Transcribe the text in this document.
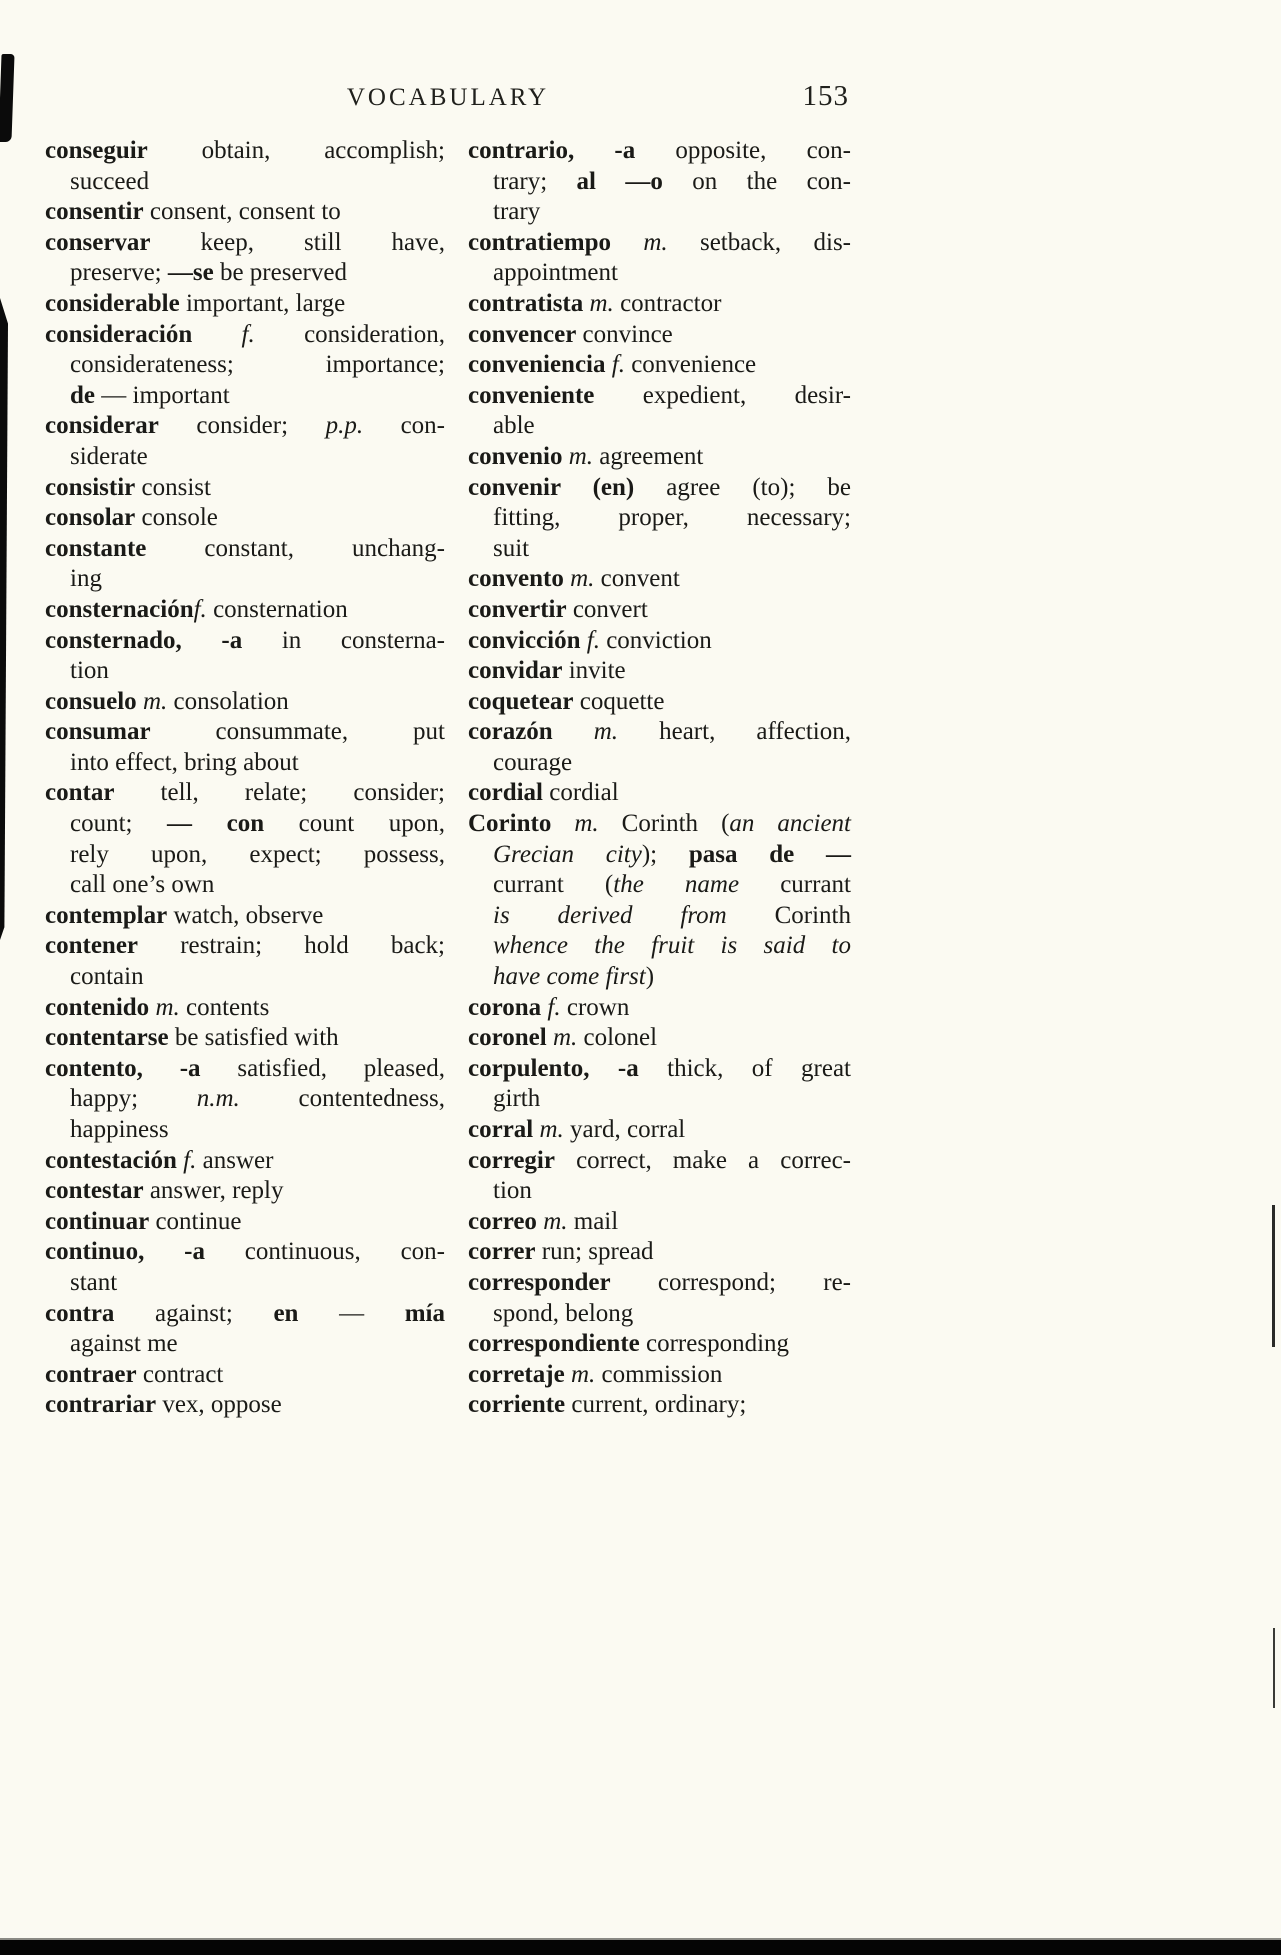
VOCABULARY	153
conseguir obtain, accomplish;
succeed
consentir consent, consent to
conservar keep, still have,
preserve; —se be preserved
considerable important, large
consideración f. consideration,
considerateness; importance;
de — important
considerar consider; p.p. con-
siderate
consistir consist
consolar console
constante constant, unchang-
ing
consternaciónf. consternation
consternado, -a in consterna-
tion
consuelo m. consolation
consumar consummate, put
into effect, bring about
contar tell, relate; consider;
count; — con count upon,
rely upon, expect; possess,
call one’s own
contemplar watch, observe
contener restrain; hold back;
contain
contenido m. contents
contentarse be satisfied with
contento, -a satisfied, pleased,
happy; n.m. contentedness,
happiness
contestación f. answer
contestar answer, reply
continuar continue
continuo, -a continuous, con-
stant
contra against; en — mía
against me
contraer contract
contrariar vex, oppose
contrario, -a opposite, con-
trary; al —o on the con-
trary
contratiempo m. setback, dis-
appointment
contratista m. contractor
convencer convince
conveniencia f. convenience
conveniente expedient, desir-
able
convenio m. agreement
convenir (en) agree (to); be
fitting, proper, necessary;
suit
convento m. convent
convertir convert
convicción f. conviction
convidar invite
coquetear coquette
corazón m. heart, affection,
courage
cordial cordial
Corinto m. Corinth (an ancient
Grecian city); pasa de —
currant (the name currant
is derived from Corinth
whence the fruit is said to
have come first)
corona f. crown
coronel m. colonel
corpulento, -a thick, of great
girth
corral m. yard, corral
corregir correct, make a correc-
tion
correo m. mail
correr run; spread
corresponder correspond; re-
spond, belong
correspondiente corresponding
corretaje m. commission
corriente current, ordinary;
